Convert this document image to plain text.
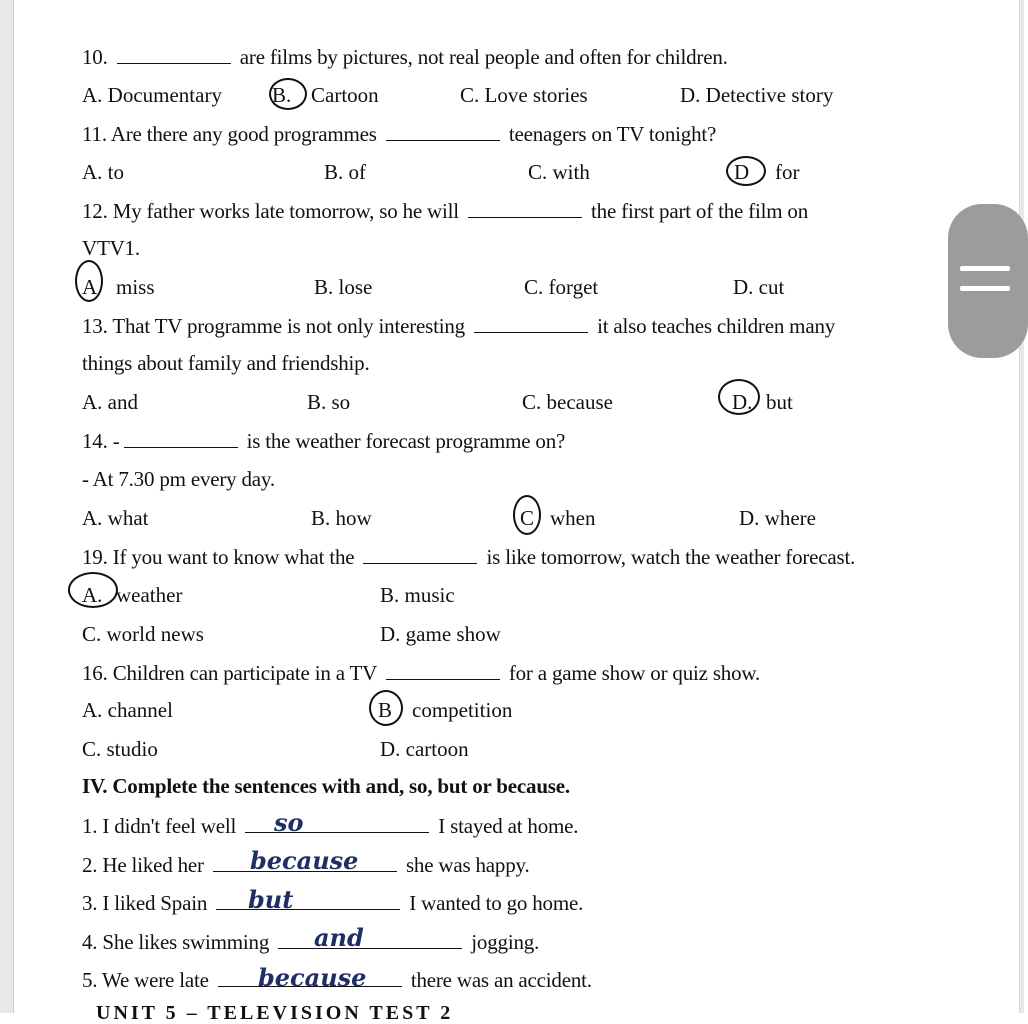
10.	are films by pictures, not real people and often for children.
A. Documentary B. Cartoon	C. Love stories	D. Detective story
11. Are there any good programmes	teenagers on TV tonight?
A. to	B. of	C. with	D for
12. My father works late tomorrow, so he will	the first part of the film on
VTV1.
A miss	B. lose	C. forget	D. cut
13. That TV programme is not only interesting	it also teaches children many
things about family and friendship.
A. and	B. so	C. because	D. but
14. -	is the weather forecast programme on?
- At 7.30 pm every day.
A. what	B. how	C when	D. where
19. If you want to know what the	is like tomorrow, watch the weather forecast.
A. weather	B. music
C. world news	D. game show
16. Children can participate in a TV	for a game show or quiz show.
A. channel	B competition
C. studio	D. cartoon
IV. Complete the sentences with and, so, but or because.
1. I didn't feel well	I stayed at home.
so
2. He liked her	she was happy.
because
3. I liked Spain	I wanted to go home.
but
4. She likes swimming	jogging.
and
5. We were late	there was an accident.
because
UNIT 5 – TELEVISION TEST 2
